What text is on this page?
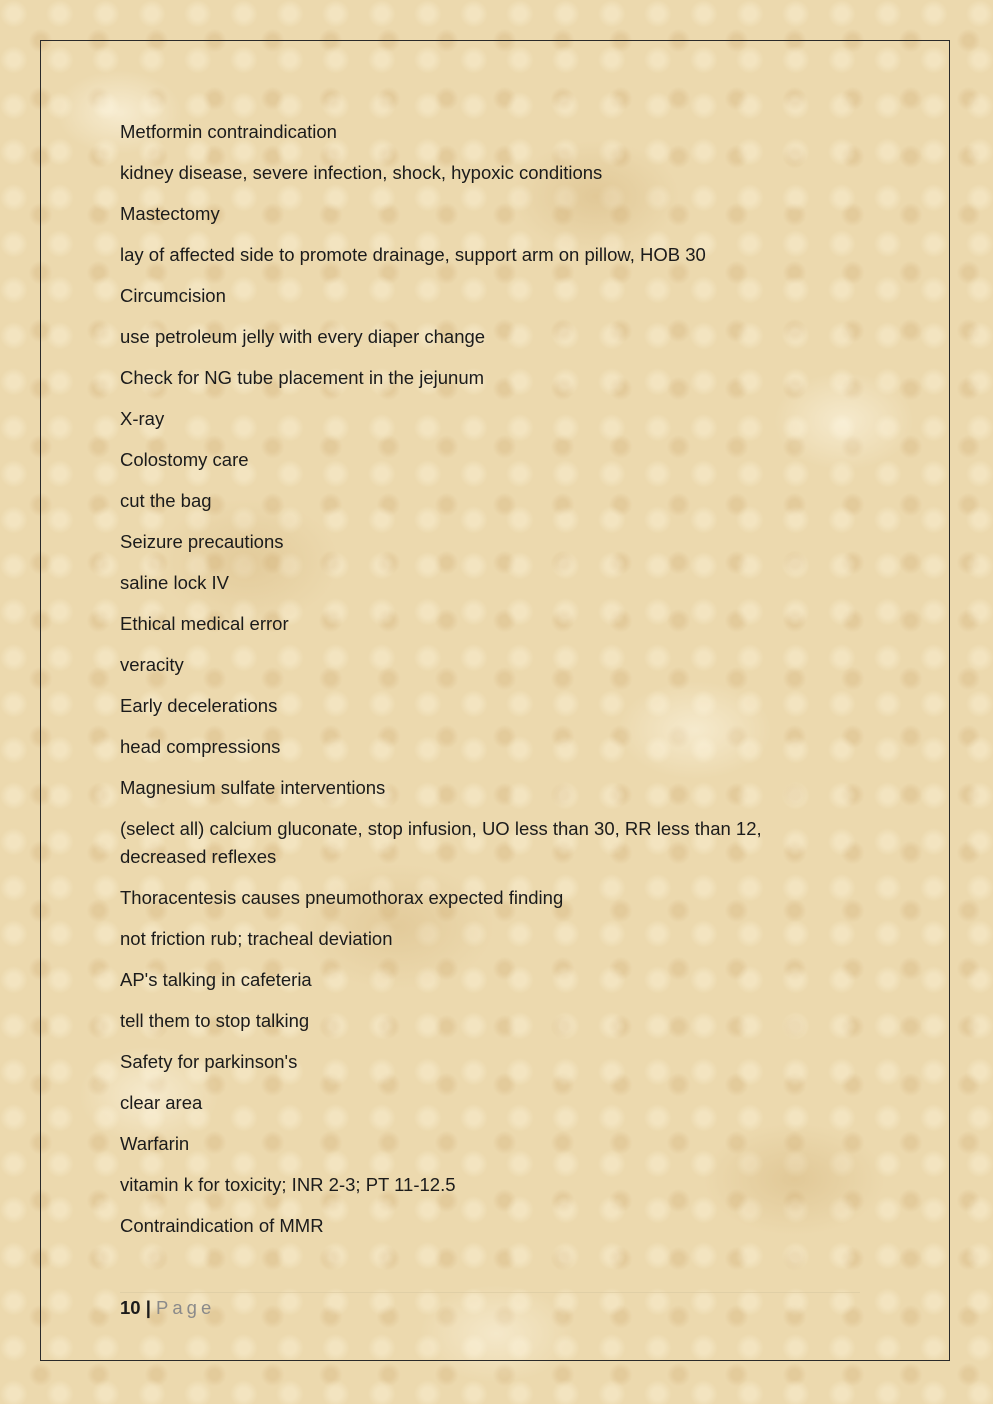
Metformin contraindication

kidney disease, severe infection, shock, hypoxic conditions

Mastectomy

lay of affected side to promote drainage, support arm on pillow, HOB 30

Circumcision

use petroleum jelly with every diaper change

Check for NG tube placement in the jejunum

X-ray

Colostomy care

cut the bag

Seizure precautions

saline lock IV

Ethical medical error

veracity

Early decelerations

head compressions

Magnesium sulfate interventions

(select all) calcium gluconate, stop infusion, UO less than 30, RR less than 12, decreased reflexes

Thoracentesis causes pneumothorax expected finding

not friction rub; tracheal deviation

AP's talking in cafeteria

tell them to stop talking

Safety for parkinson's

clear area

Warfarin

vitamin k for toxicity; INR 2-3; PT 11-12.5

Contraindication of MMR

10 | Page
